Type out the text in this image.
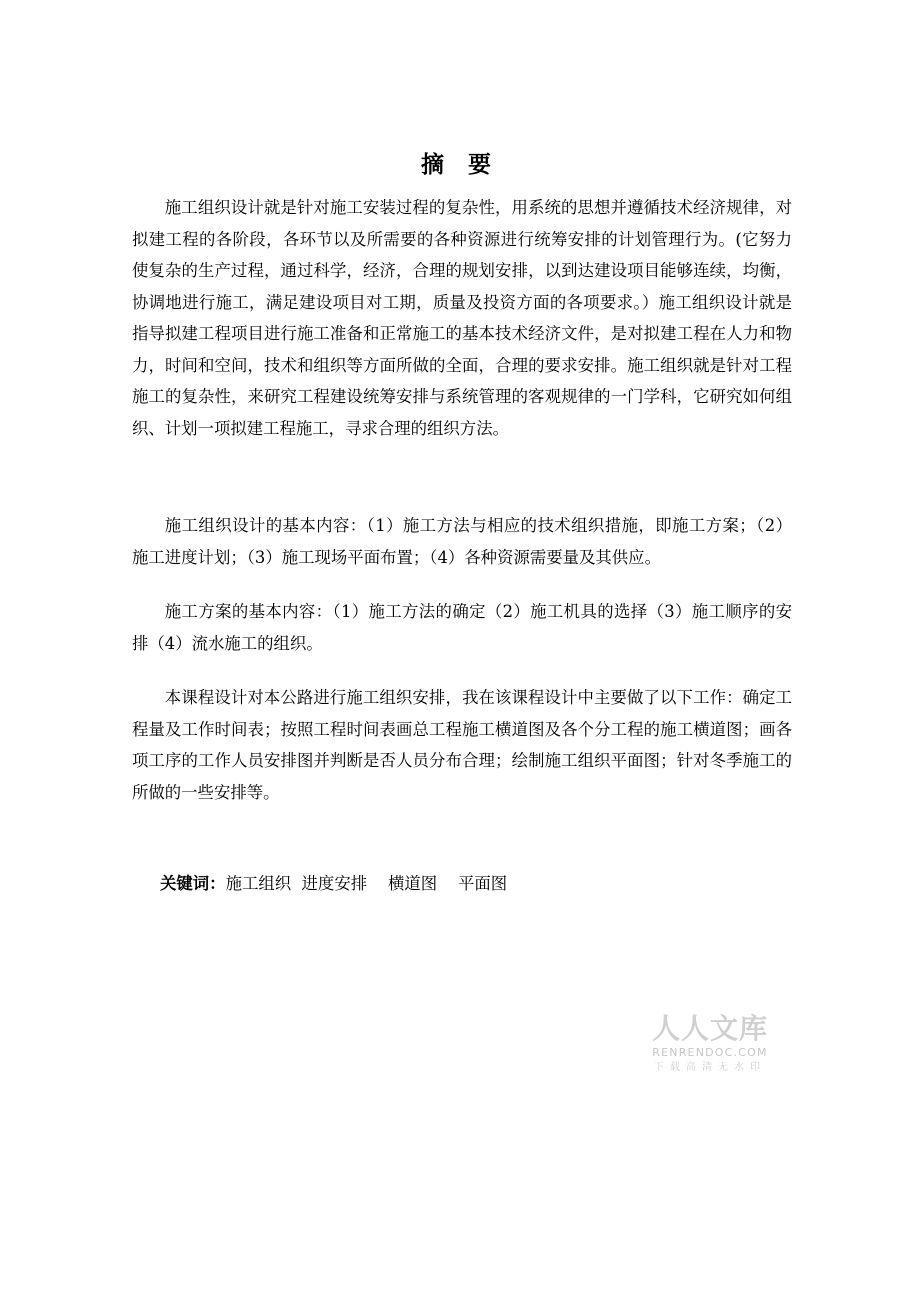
摘 要

施工组织设计就是针对施工安装过程的复杂性，用系统的思想并遵循技术经济规律，对拟建工程的各阶段，各环节以及所需要的各种资源进行统筹安排的计划管理行为。(它努力使复杂的生产过程，通过科学，经济，合理的规划安排，以到达建设项目能够连续，均衡，协调地进行施工，满足建设项目对工期，质量及投资方面的各项要求。）施工组织设计就是指导拟建工程项目进行施工准备和正常施工的基本技术经济文件，是对拟建工程在人力和物力，时间和空间，技术和组织等方面所做的全面，合理的要求安排。施工组织就是针对工程施工的复杂性，来研究工程建设统筹安排与系统管理的客观规律的一门学科，它研究如何组织、计划一项拟建工程施工，寻求合理的组织方法。

施工组织设计的基本内容：（1）施工方法与相应的技术组织措施，即施工方案；（2）施工进度计划；（3）施工现场平面布置；（4）各种资源需要量及其供应。

施工方案的基本内容：（1）施工方法的确定（2）施工机具的选择（3）施工顺序的安排（4）流水施工的组织。

本课程设计对本公路进行施工组织安排，我在该课程设计中主要做了以下工作：确定工程量及工作时间表；按照工程时间表画总工程施工横道图及各个分工程的施工横道图；画各项工序的工作人员安排图并判断是否人员分布合理；绘制施工组织平面图；针对冬季施工的所做的一些安排等。

关键词：施工组织  进度安排    横道图    平面图

人人文库
RENRENDOC.COM
下载高清无水印
